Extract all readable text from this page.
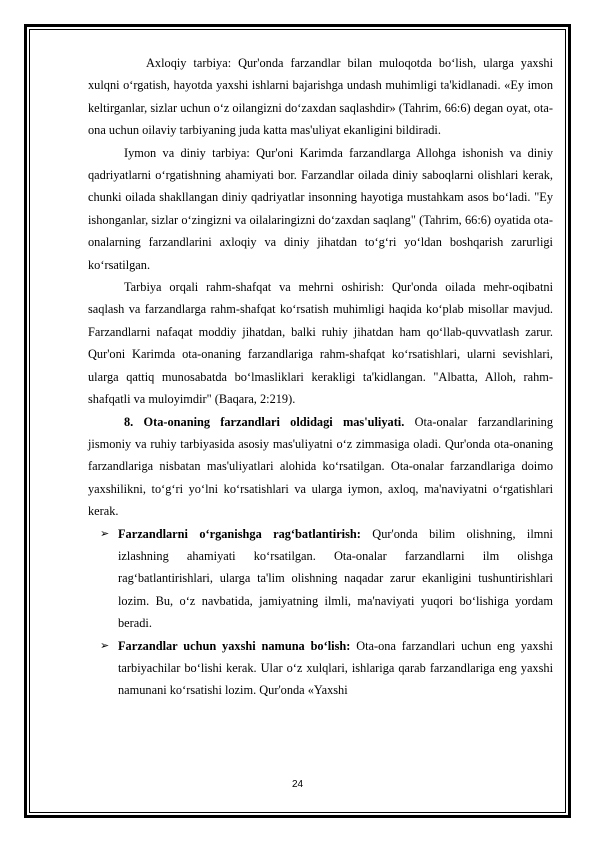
Axloqiy tarbiya: Qur'onda farzandlar bilan muloqotda bo‘lish, ularga yaxshi xulqni o‘rgatish, hayotda yaxshi ishlarni bajarishga undash muhimligi ta'kidlanadi. «Ey imon keltirganlar, sizlar uchun o‘z oilangizni do‘zaxdan saqlashdir» (Tahrim, 66:6) degan oyat, ota-ona uchun oilaviy tarbiyaning juda katta mas'uliyat ekanligini bildiradi.

Iymon va diniy tarbiya: Qur'oni Karimda farzandlarga Allohga ishonish va diniy qadriyatlarni o‘rgatishning ahamiyati bor. Farzandlar oilada diniy saboqlarni olishlari kerak, chunki oilada shakllangan diniy qadriyatlar insonning hayotiga mustahkam asos bo‘ladi. "Ey ishonganlar, sizlar o‘zingizni va oilalaringizni do‘zaxdan saqlang" (Tahrim, 66:6) oyatida ota-onalarning farzandlarini axloqiy va diniy jihatdan to‘g‘ri yo‘ldan boshqarish zarurligi ko‘rsatilgan.

Tarbiya orqali rahm-shafqat va mehrni oshirish: Qur'onda oilada mehr-oqibatni saqlash va farzandlarga rahm-shafqat ko‘rsatish muhimligi haqida ko‘plab misollar mavjud. Farzandlarni nafaqat moddiy jihatdan, balki ruhiy jihatdan ham qo‘llab-quvvatlash zarur. Qur'oni Karimda ota-onaning farzandlariga rahm-shafqat ko‘rsatishlari, ularni sevishlari, ularga qattiq munosabatda bo‘lmasliklari kerakligi ta'kidlangan. "Albatta, Alloh, rahm-shafqatli va muloyimdir" (Baqara, 2:219).

8. Ota-onaning farzandlari oldidagi mas'uliyati. Ota-onalar farzandlarining jismoniy va ruhiy tarbiyasida asosiy mas'uliyatni o‘z zimmasiga oladi. Qur'onda ota-onaning farzandlariga nisbatan mas'uliyatlari alohida ko‘rsatilgan. Ota-onalar farzandlariga doimo yaxshilikni, to‘g‘ri yo‘lni ko‘rsatishlari va ularga iymon, axloq, ma'naviyatni o‘rgatishlari kerak.

➢ Farzandlarni o‘rganishga rag‘batlantirish: Qur'onda bilim olishning, ilmni izlashning ahamiyati ko‘rsatilgan. Ota-onalar farzandlarni ilm olishga rag‘batlantirishlari, ularga ta'lim olishning naqadar zarur ekanligini tushuntirishlari lozim. Bu, o‘z navbatida, jamiyatning ilmli, ma'naviyati yuqori bo‘lishiga yordam beradi.

➢ Farzandlar uchun yaxshi namuna bo‘lish: Ota-ona farzandlari uchun eng yaxshi tarbiyachilar bo‘lishi kerak. Ular o‘z xulqlari, ishlariga qarab farzandlariga eng yaxshi namunani ko‘rsatishi lozim. Qur'onda «Yaxshi

24
